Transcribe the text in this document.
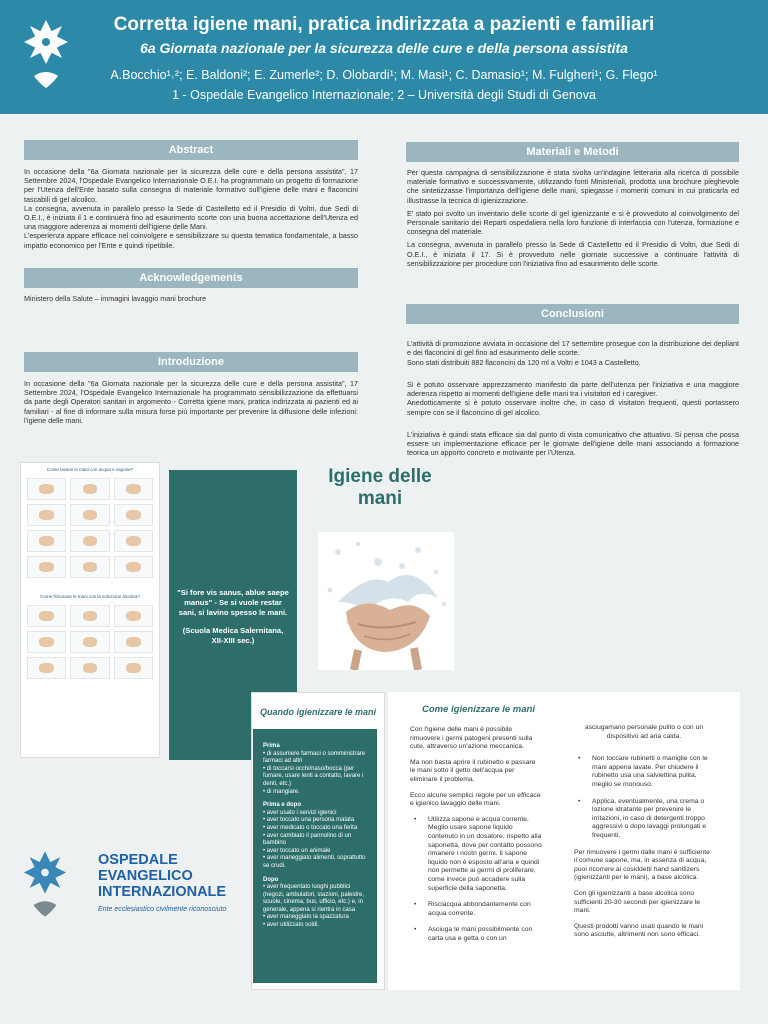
Corretta igiene mani, pratica indirizzata a pazienti e familiari
6a Giornata nazionale per la sicurezza delle cure e della persona assistita
A.Bocchio¹˒²; E. Baldoni²; E. Zumerle²; D. Olobardi¹; M. Masi¹; C. Damasio¹; M. Fulgheri¹; G. Flego¹
1 - Ospedale Evangelico Internazionale; 2 – Università degli Studi di Genova
Abstract
In occasione della "6a Giornata nazionale per la sicurezza delle cure e della persona assistita", 17 Settembre 2024, l'Ospedale Evangelico Internazionale O.E.I. ha programmato un progetto di formazione per l'Utenza dell'Ente basato sulla consegna di materiale formativo sull'igiene delle mani e flaconcini tascabili di gel alcolico.
La consegna, avvenuta in parallelo presso la Sede di Castelletto ed il Presidio di Voltri, due Sedi di O.E.I., è iniziata il 1 e continuerà fino ad esaurimento scorte con una buona accettazione dell'Utenza ed una maggiore aderenza ai momenti dell'igiene delle Mani.
L'esperienza appare efficace nel coinvolgere e sensibilizzare su questa tematica fondamentale, a basso impatto economico per l'Ente e quindi ripetibile.
Acknowledgements
Ministero della Salute – immagini lavaggio mani brochure
Introduzione
In occasione della "6a Giornata nazionale per la sicurezza delle cure e della persona assistita", 17 Settembre 2024, l'Ospedale Evangelico Internazionale ha programmato sensibilizzazione da effettuarsi da parte degli Operatori sanitari in argomento - Corretta igiene mani, pratica indirizzata ai pazienti ed ai familiari - al fine di informare sulla misura forse più importante per prevenire la diffusione delle infezioni: l'igiene delle mani.
Materiali e Metodi

Per questa campagna di sensibilizzazione è stata svolta un'indagine letteraria alla ricerca di possibile materiale formativo e successivamente, utilizzando fonti Ministeriali, prodotta una brochure pieghevole che sintetizzasse l'importanza dell'igiene delle mani, spiegasse i momenti comuni in cui praticarla ed illustrasse la tecnica di igienizzazione.

E' stato poi svolto un inventario delle scorte di gel igienizzante e si è provveduto al coinvolgimento del Personale sanitario dei Reparti ospedaliera nella loro funzione di interfaccia con l'utenza, formazione e consegna del materiale.

La consegna, avvenuta in parallelo presso la Sede di Castelletto ed il Presidio di Voltri, due Sedi di O.E.I., è iniziata il 17. Si è provveduto nelle giornate successive a continuare l'attività di sensibilizzazione per procedure con l'iniziativa fino ad esaurimento delle scorte.

Conclusioni

L'attività di promozione avviata in occasione del 17 settembre prosegue con la distribuzione dei depliant e dei flaconcini di gel fino ad esaurimento delle scorte.
Sono stati distribuiti 882 flaconcini da 120 ml a Voltri e 1043 a Castelletto.

Si è potuto osservare apprezzamento manifesto da parte dell'utenza per l'iniziativa e una maggiore aderenza rispetto ai momenti dell'igiene delle mani tra i visitatori ed i caregiver.
Anedotticamente si è potuto osservare inoltre che, in caso di visitatori frequenti, questi portassero sempre con se il flaconcino di gel alcolico.

L'iniziativa è quindi stata efficace sia dal punto di vista comunicativo che attuativo. Si pensa che possa essere un implementazione efficace per le giornate dell'igiene delle mani associando a formazione teorica un apporto concreto e motivante per l'Utenza.

Come lavarsi le mani con acqua e sapone?
Come frizionare le mani con la soluzione alcolica?	"Si fore vis sanus, ablue saepe manus" - Se si vuole restar sani, si lavino spesso le mani.
(Scuola Medica Salernitana, XII-XIII sec.)
Igiene delle mani
Quando igienizzare le mani
Prima
• di assumere farmaci o somministrare farmaci ad altri
• di toccarsi occhi/naso/bocca (per fumare, usare lenti a contatto, lavare i denti, etc.)
• di mangiare.
Prima e dopo
• aver usato i servizi igienici
• aver toccato una persona malata
• aver medicato o toccato una ferita
• aver cambiato il pannolino di un bambino
• aver toccato un animale
• aver maneggiato alimenti, soprattutto se crudi.
Dopo
• aver frequentato luoghi pubblici (negozi, ambulatori, stazioni, palestre, scuole, cinema, bus, ufficio, etc.) e, in generale, appena si rientra in casa
• aver maneggiato la spazzatura
• aver utilizzato soldi.
Come igienizzare le mani

Con l'igiene delle mani è possibile rimuovere i germi patogeni presenti sulla cute, attraverso un'azione meccanica.

Ma non basta aprire il rubinetto e passare le mani sotto il getto dell'acqua per eliminare il problema.

Ecco alcune semplici regole per un efficace e igienico lavaggio delle mani.

• Utilizza sapone e acqua corrente. Meglio usare sapone liquido contenuto in un dosatore, rispetto alla saponetta, dove per contatto possono rimanere i nostri germi. Il sapone liquido non è esposto all'aria e quindi non permette ai germi di proliferare, come invece può accadere sulla superficie della saponetta.
• Risciacqua abbondantemente con acqua corrente.
• Asciuga le mani possibilmente con carta usa e getta o con un

asciugamano personale pulito o con un dispositivo ad aria calda.

• Non toccare rubinetti o maniglie con le mani appena lavate. Per chiudere il rubinetto usa una salviettina pulita, meglio se monouso.
• Applica, eventualmente, una crema o lozione idratante per prevenire le irritazioni, in caso di detergenti troppo aggressivi o dopo lavaggi prolungati e frequenti.

Per rimuovere i germi dalle mani è sufficiente il comune sapone, ma, in assenza di acqua, puoi ricorrere ai cosiddetti hand sanitizers (igienizzanti per le mani), a base alcolica.

Con gli igienizzanti a base alcolica sono sufficienti 20-30 secondi per igienizzare le mani.

Questi prodotti vanno usati quando le mani sono asciutte, altrimenti non sono efficaci.

OSPEDALE
EVANGELICO
INTERNAZIONALE
Ente ecclesiastico civilmente riconosciuto
